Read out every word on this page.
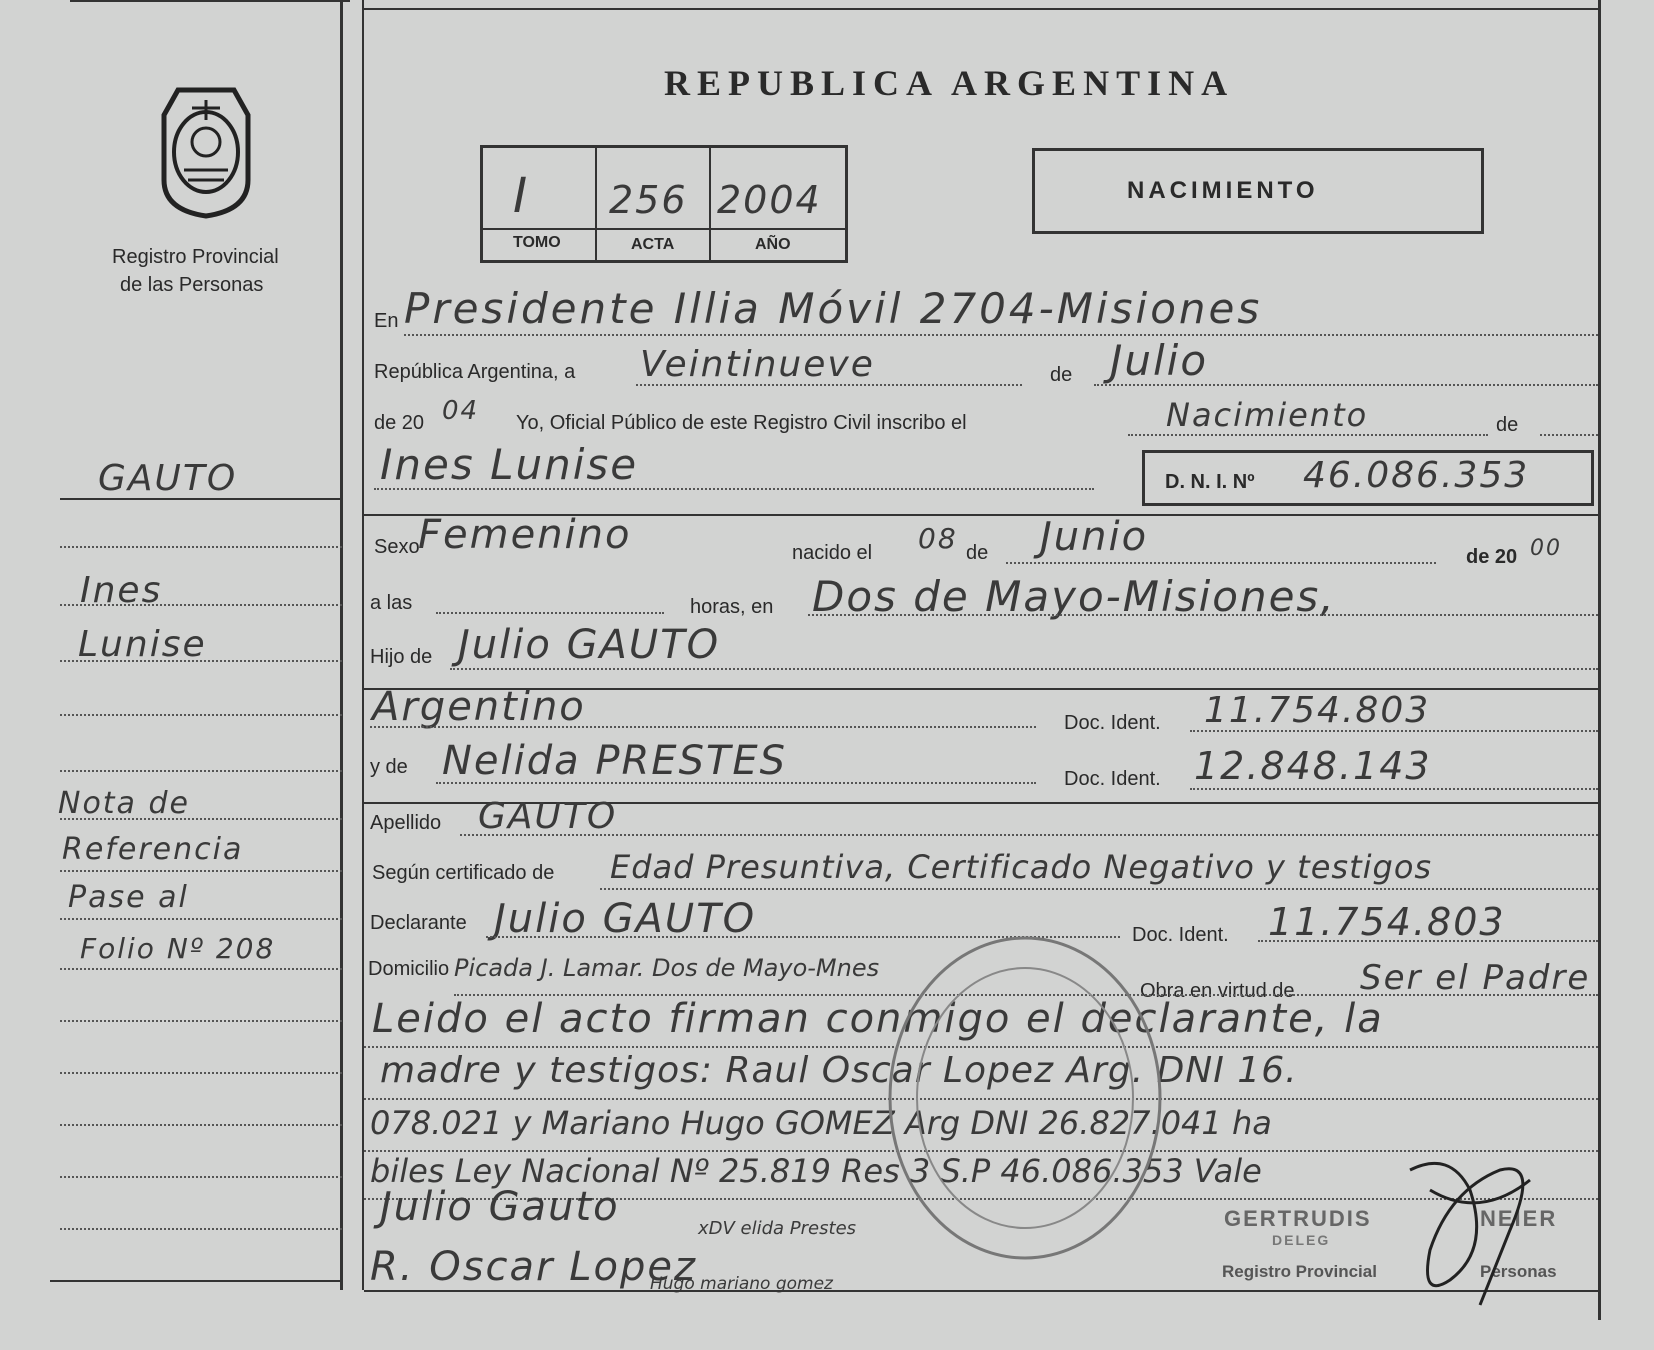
Registro Provincial
de las Personas
GAUTO
Ines
Lunise
Nota de
Referencia
Pase al
Folio Nº 208
REPUBLICA ARGENTINA
I 256 2004
TOMO	ACTA	AÑO
NACIMIENTO
En Presidente Illia Móvil 2704-Misiones
República Argentina, a Veintinueve	de Julio
de 20 04 Yo, Oficial Público de este Registro Civil inscribo el	Nacimiento	de
Ines Lunise	D. N. I. Nº 46.086.353
Sexo
Femenino	nacido el 08 de Junio	de 20 00
a las	horas, en Dos de Mayo-Misiones,
Hijo de Julio GAUTO
Argentino	Doc. Ident. 11.754.803
y de Nelida PRESTES	Doc. Ident. 12.848.143
Apellido GAUTO
Según certificado de Edad Presuntiva, Certificado Negativo y testigos
Declarante Julio GAUTO	Doc. Ident. 11.754.803
Domicilio Picada J. Lamar. Dos de Mayo-Mnes
Obra en virtud de Ser el Padre
Leido el acto firman conmigo el declarante, la
madre y testigos: Raul Oscar Lopez Arg. DNI 16.
078.021 y Mariano Hugo GOMEZ Arg DNI 26.827.041 ha
biles Ley Nacional Nº 25.819 Res 3 S.P 46.086.353 Vale
Julio Gauto	xDV elida Prestes
R. Oscar Lopez
Hugo mariano gomez
GERTRUDIS	NEIER
DELEG
Registro Provincial	Personas
